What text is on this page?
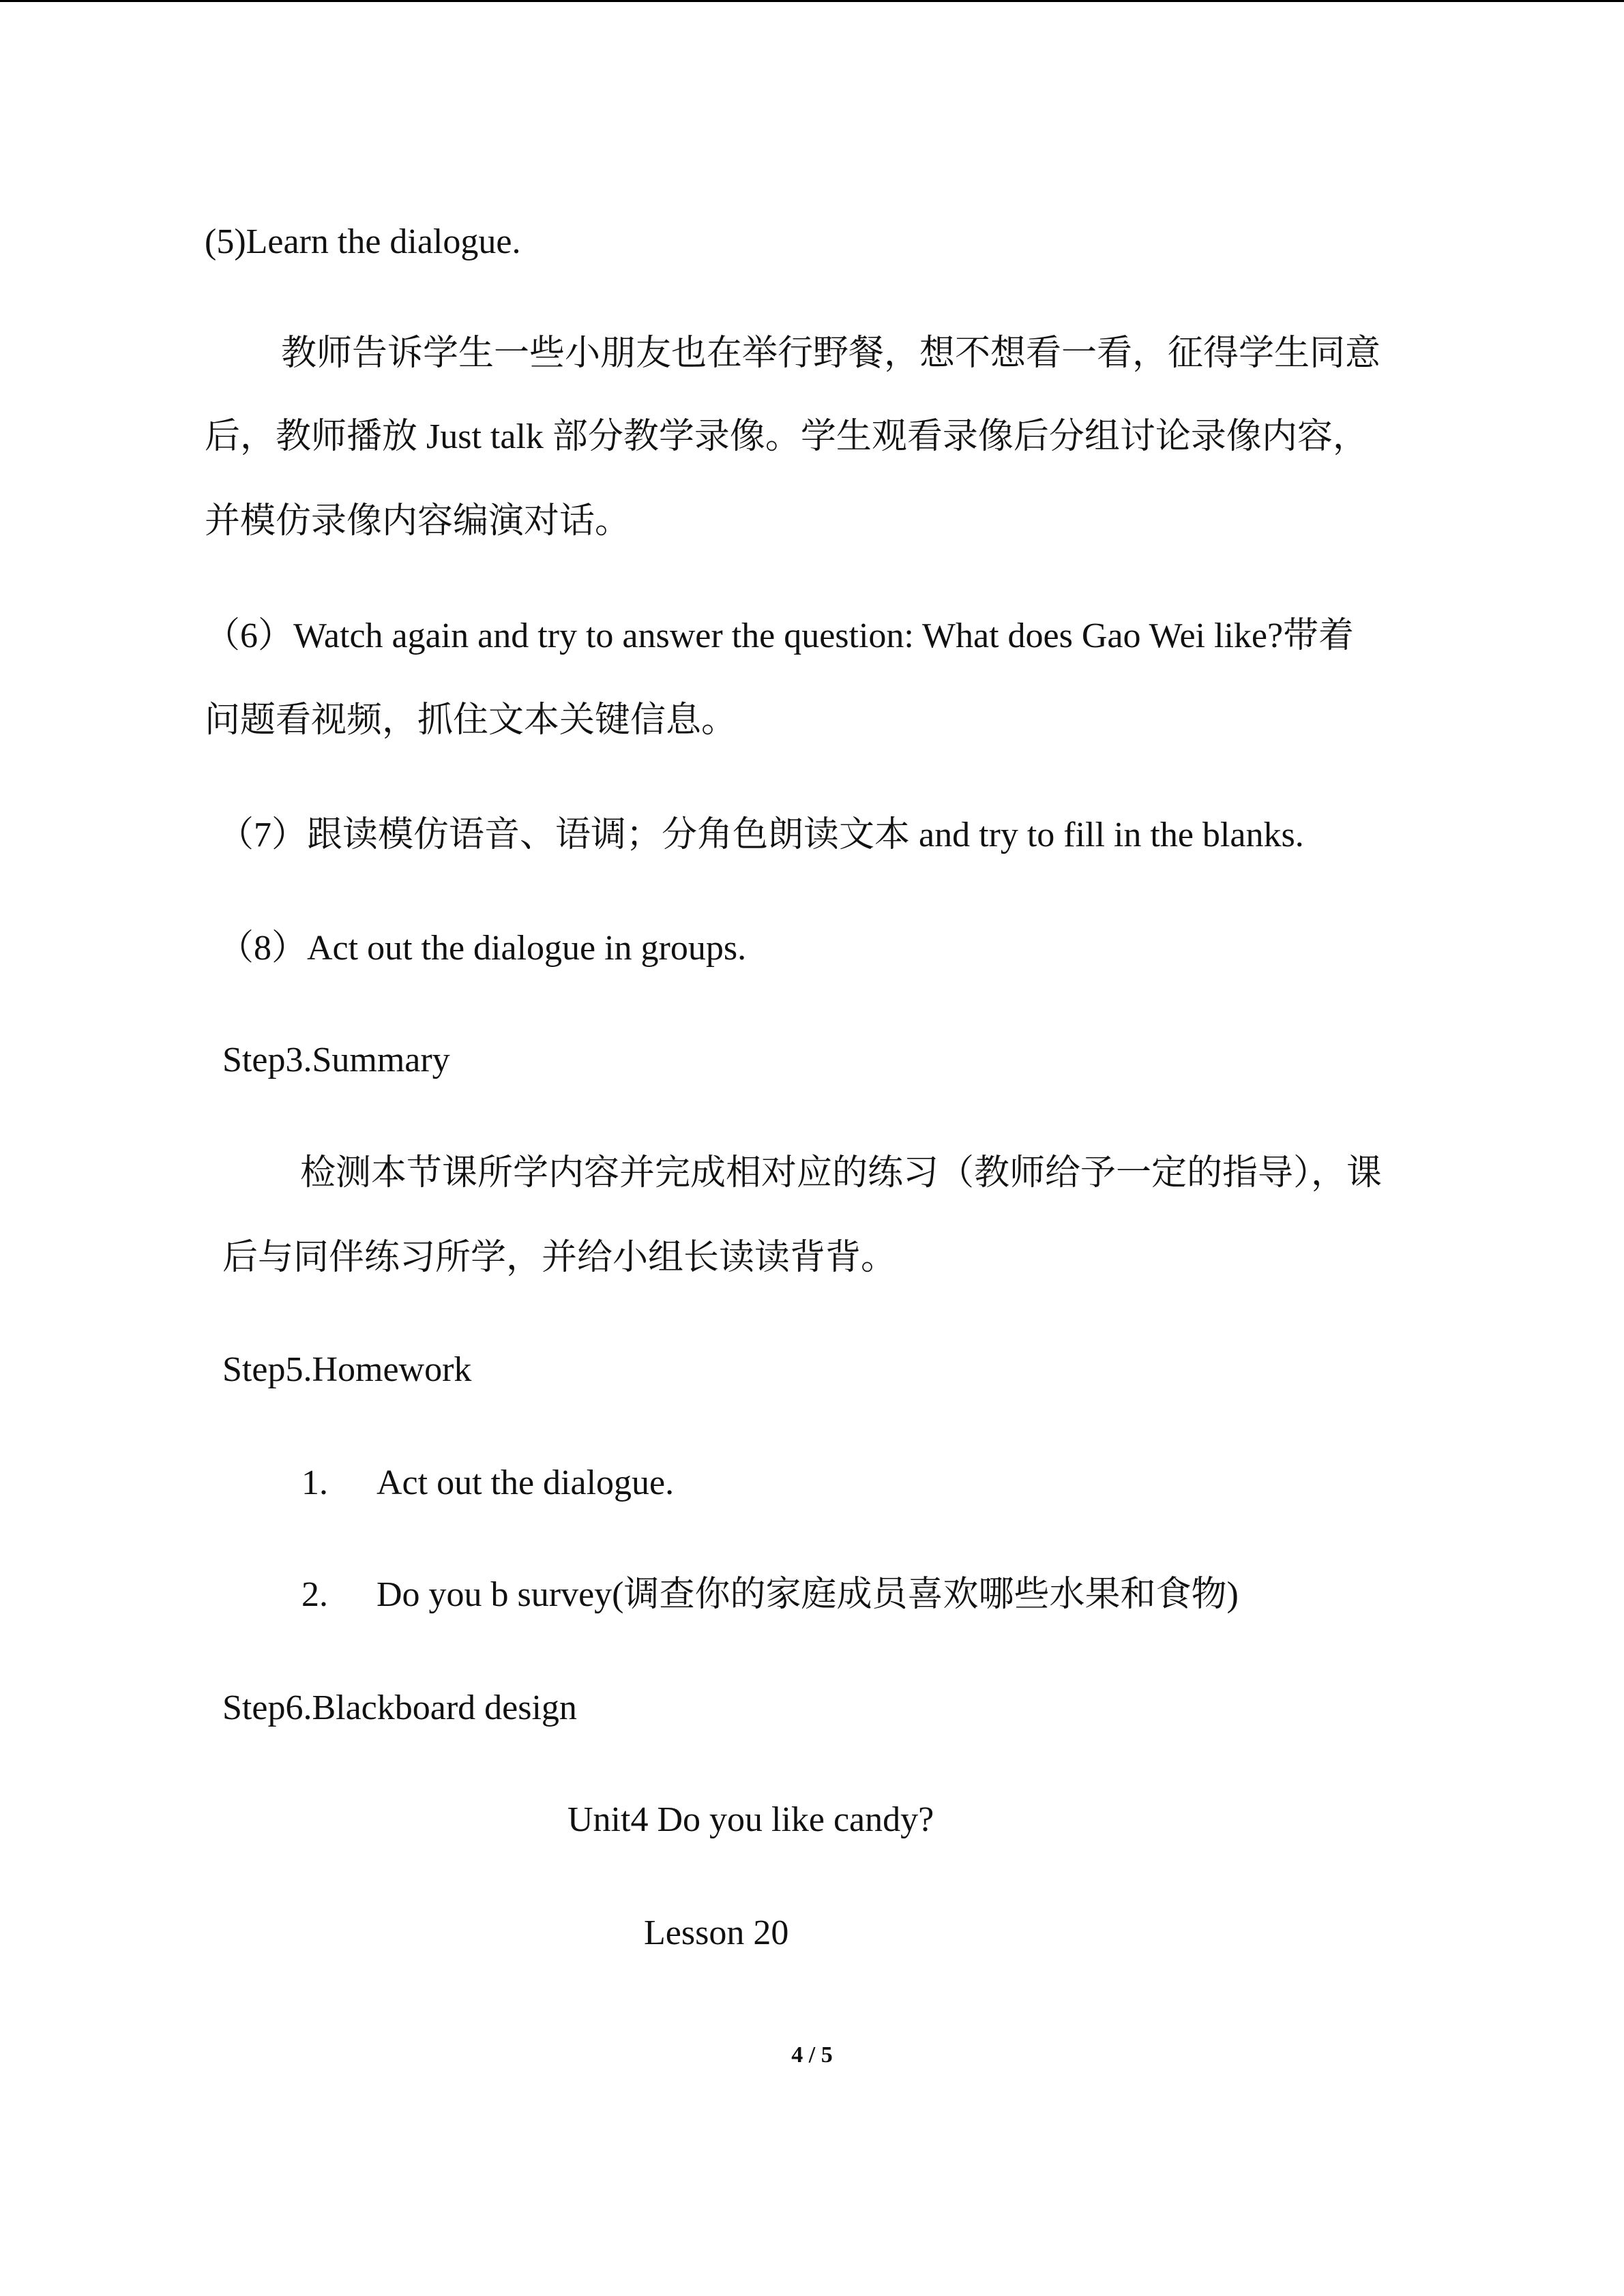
(5)Learn the dialogue.
教师告诉学生一些小朋友也在举行野餐，想不想看一看，征得学生同意
后，教师播放 Just talk 部分教学录像。学生观看录像后分组讨论录像内容，
并模仿录像内容编演对话。
（6）Watch again and try to answer the question: What does Gao Wei like?带着
问题看视频，抓住文本关键信息。
（7）跟读模仿语音、语调；分角色朗读文本 and try to fill in the blanks.
（8）Act out the dialogue in groups.
Step3.Summary
检测本节课所学内容并完成相对应的练习（教师给予一定的指导），课
后与同伴练习所学，并给小组长读读背背。
Step5.Homework
1. Act out the dialogue.
2. Do you b survey(调查你的家庭成员喜欢哪些水果和食物)
Step6.Blackboard design
Unit4 Do you like candy?
Lesson 20
4 / 5
